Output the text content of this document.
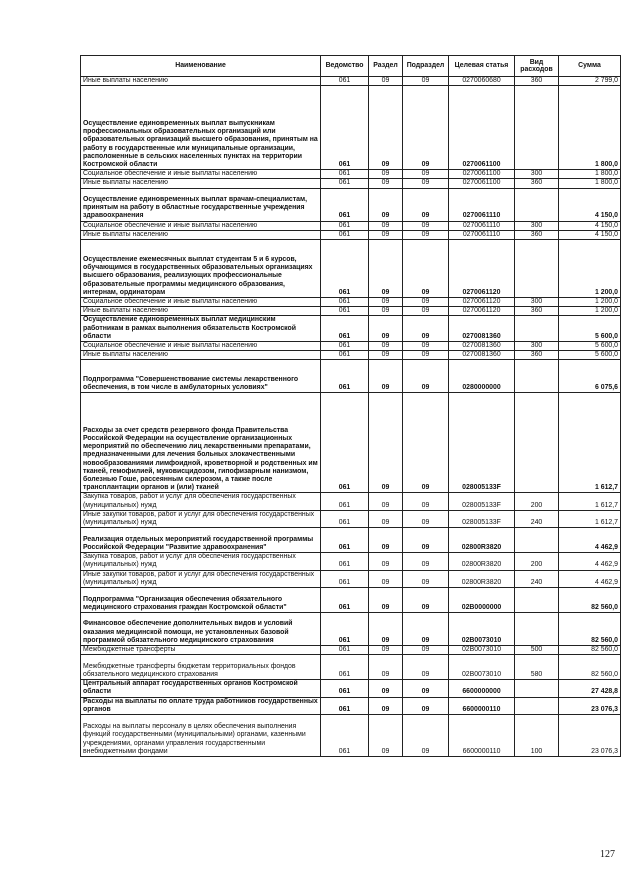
Наименование	Ведомство	Раздел	Подраздел	Целевая статья	Вид расходов	Сумма
Иные выплаты населению	061	09	09	0270060680	360	2 799,0
Осуществление единовременных выплат выпускникам профессиональных образовательных организаций или образовательных организаций высшего образования, принятым на работу в государственные или муниципальные организации, расположенные в сельских населенных пунктах на территории Костромской области	061	09	09	0270061100		1 800,0
Социальное обеспечение и иные выплаты населению	061	09	09	0270061100	300	1 800,0
Иные выплаты населению	061	09	09	0270061100	360	1 800,0
Осуществление единовременных выплат врачам-специалистам, принятым на работу в областные государственные учреждения здравоохранения	061	09	09	0270061110		4 150,0
Социальное обеспечение и иные выплаты населению	061	09	09	0270061110	300	4 150,0
Иные выплаты населению	061	09	09	0270061110	360	4 150,0
Осуществление ежемесячных выплат студентам 5 и 6 курсов, обучающимся в государственных образовательных организациях высшего образования, реализующих профессиональные образовательные программы медицинского образования, интернам, ординаторам	061	09	09	0270061120		1 200,0
Социальное обеспечение и иные выплаты населению	061	09	09	0270061120	300	1 200,0
Иные выплаты населению	061	09	09	0270061120	360	1 200,0
Осуществление единовременных выплат медицинским работникам в рамках выполнения обязательств Костромской области	061	09	09	0270081360		5 600,0
Социальное обеспечение и иные выплаты населению	061	09	09	0270081360	300	5 600,0
Иные выплаты населению	061	09	09	0270081360	360	5 600,0
Подпрограмма "Совершенствование системы лекарственного обеспечения, в том числе в амбулаторных условиях"	061	09	09	0280000000		6 075,6
Расходы за счет средств резервного фонда Правительства Российской Федерации на осуществление организационных мероприятий по обеспечению лиц лекарственными препаратами, предназначенными для лечения больных злокачественными новообразованиями лимфоидной, кроветворной и родственных им тканей, гемофилией, муковисцидозом, гипофизарным нанизмом, болезнью Гоше, рассеянным склерозом, а также после трансплантации органов и (или) тканей	061	09	09	028005133F		1 612,7
Закупка товаров, работ и услуг для обеспечения государственных (муниципальных) нужд	061	09	09	028005133F	200	1 612,7
Иные закупки товаров, работ и услуг для обеспечения государственных (муниципальных) нужд	061	09	09	028005133F	240	1 612,7
Реализация отдельных мероприятий государственной программы Российской Федерации "Развитие здравоохранения"	061	09	09	02800R3820		4 462,9
Закупка товаров, работ и услуг для обеспечения государственных (муниципальных) нужд	061	09	09	02800R3820	200	4 462,9
Иные закупки товаров, работ и услуг для обеспечения государственных (муниципальных) нужд	061	09	09	02800R3820	240	4 462,9
Подпрограмма "Организация обеспечения обязательного медицинского страхования граждан Костромской области"	061	09	09	02В0000000		82 560,0
Финансовое обеспечение дополнительных видов и условий оказания медицинской помощи, не установленных базовой программой обязательного медицинского страхования	061	09	09	02В0073010		82 560,0
Межбюджетные трансферты	061	09	09	02В0073010	500	82 560,0
Межбюджетные трансферты бюджетам территориальных фондов обязательного медицинского страхования	061	09	09	02В0073010	580	82 560,0
Центральный аппарат государственных органов Костромской области	061	09	09	6600000000		27 428,8
Расходы на выплаты по оплате труда работников государственных органов	061	09	09	6600000110		23 076,3
Расходы на выплаты персоналу в целях обеспечения выполнения функций государственными (муниципальными) органами, казенными учреждениями, органами управления государственными внебюджетными фондами	061	09	09	6600000110	100	23 076,3
127
